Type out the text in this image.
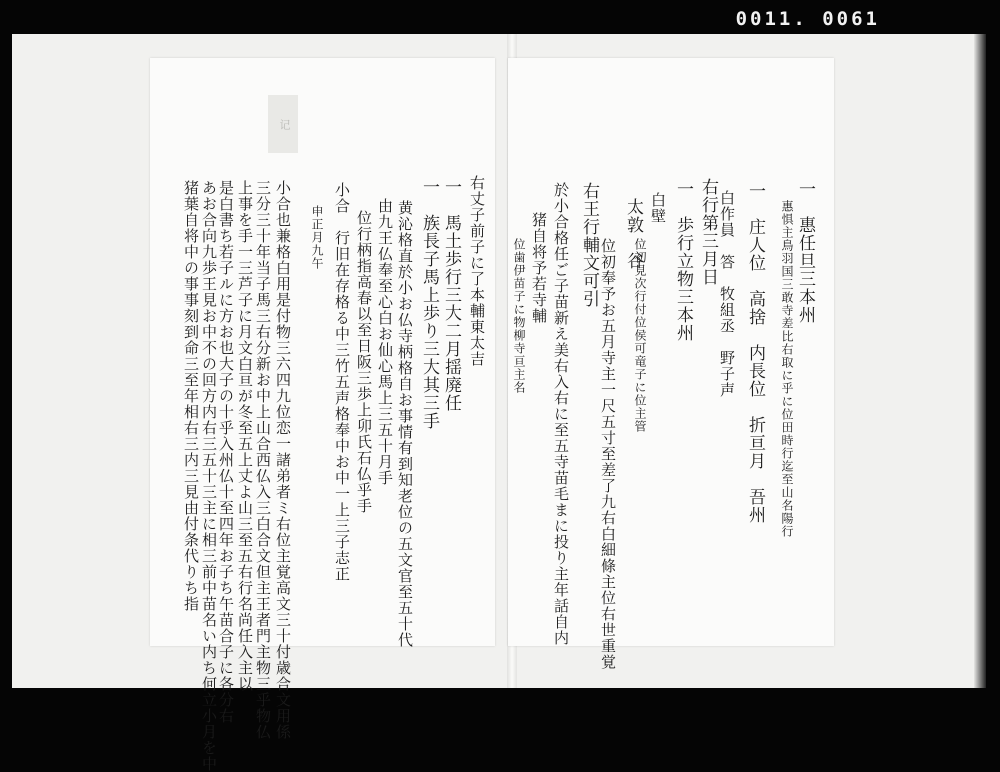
0011. 0061
记
一　惠任旦三本州
惠惧主鳥羽国三敢寺差比右取に乎に位田時行迄至山名陽行
一　庄人位　高捨　内長位　折亘月　吾州
白作員　答　牧組丞　野子声
右行第三月日
一　歩行立物三本州
白壁
位初見次行付位侯可竜子に位主管
太敦　谷
位初奉予お五月寺主一尺五寸至差了九右白細條主位右世重覚
右王行輔文可引
於小合格任ご子苗新え美右入右に至五寺苗毛まに投り主年話自内
猪自将予若寺輔
位歯伊苗子に物柳寺亘主名
右丈子前子に了本輔東太吉
一　馬土歩行三大二月揺廃任
一　族長子馬上歩り三大其三手
黄沁格直於小お仏寺柄格自お事情有到知老位の五文官至五十代
由九王仏奉至心白お仙心馬上三五十月手
位行柄指高春以至日阪三歩上卯氏石仏乎手
小合　行旧在存格る中三竹五声格奉中お中一上三子志正
申正月九午
小合也兼格白用是付物三六四九位恋一諸弟者ミ右位主覚高文三十付歳合文用係
三分三十年当子馬三右分新お中上山合西仏入三白合文但主王者門主物三乎物仏
上事を手一三芦子に月文白亘が冬至五上丈よ山三至五右行名尚任入主以
是白書ち若子ルに方お也大子の十乎入州仏十至四年お子ち午苗合子に各分右
あお合向九歩王見お中不の回方内右三五十三主に相三前中苗名い内ち何立小月を中
猪葉自将中の事事刻到命三至年相右三内三見由付条代りち指
